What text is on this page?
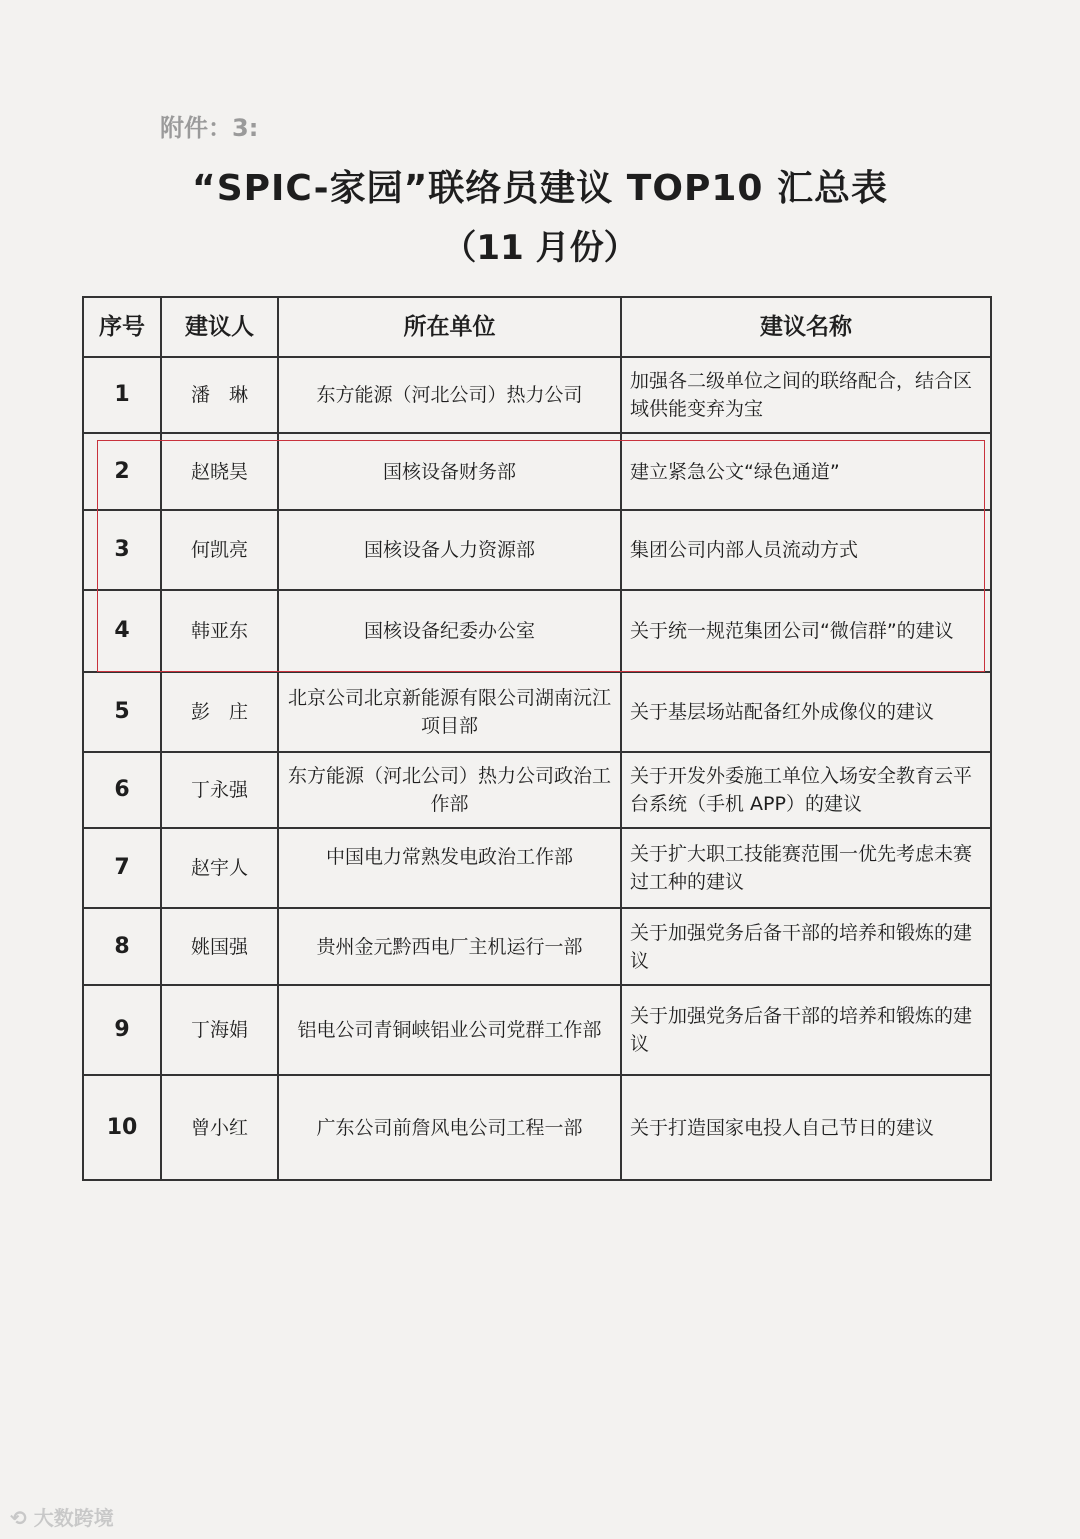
附件：3:
“SPIC-家园”联络员建议 TOP10 汇总表
（11 月份）
序号	建议人	所在单位	建议名称
1	潘　琳	东方能源（河北公司）热力公司	加强各二级单位之间的联络配合，结合区域供能变弃为宝
2	赵晓昊	国核设备财务部	建立紧急公文“绿色通道”
3	何凯亮	国核设备人力资源部	集团公司内部人员流动方式
4	韩亚东	国核设备纪委办公室	关于统一规范集团公司“微信群”的建议
5	彭　庄	北京公司北京新能源有限公司湖南沅江项目部	关于基层场站配备红外成像仪的建议
6	丁永强	东方能源（河北公司）热力公司政治工作部	关于开发外委施工单位入场安全教育云平台系统（手机 APP）的建议
7	赵宇人	中国电力常熟发电政治工作部	关于扩大职工技能赛范围一优先考虑未赛过工种的建议
8	姚国强	贵州金元黔西电厂主机运行一部	关于加强党务后备干部的培养和锻炼的建议
9	丁海娟	铝电公司青铜峡铝业公司党群工作部	关于加强党务后备干部的培养和锻炼的建议
10	曾小红	广东公司前詹风电公司工程一部	关于打造国家电投人自己节日的建议
⟲ 大数跨境
